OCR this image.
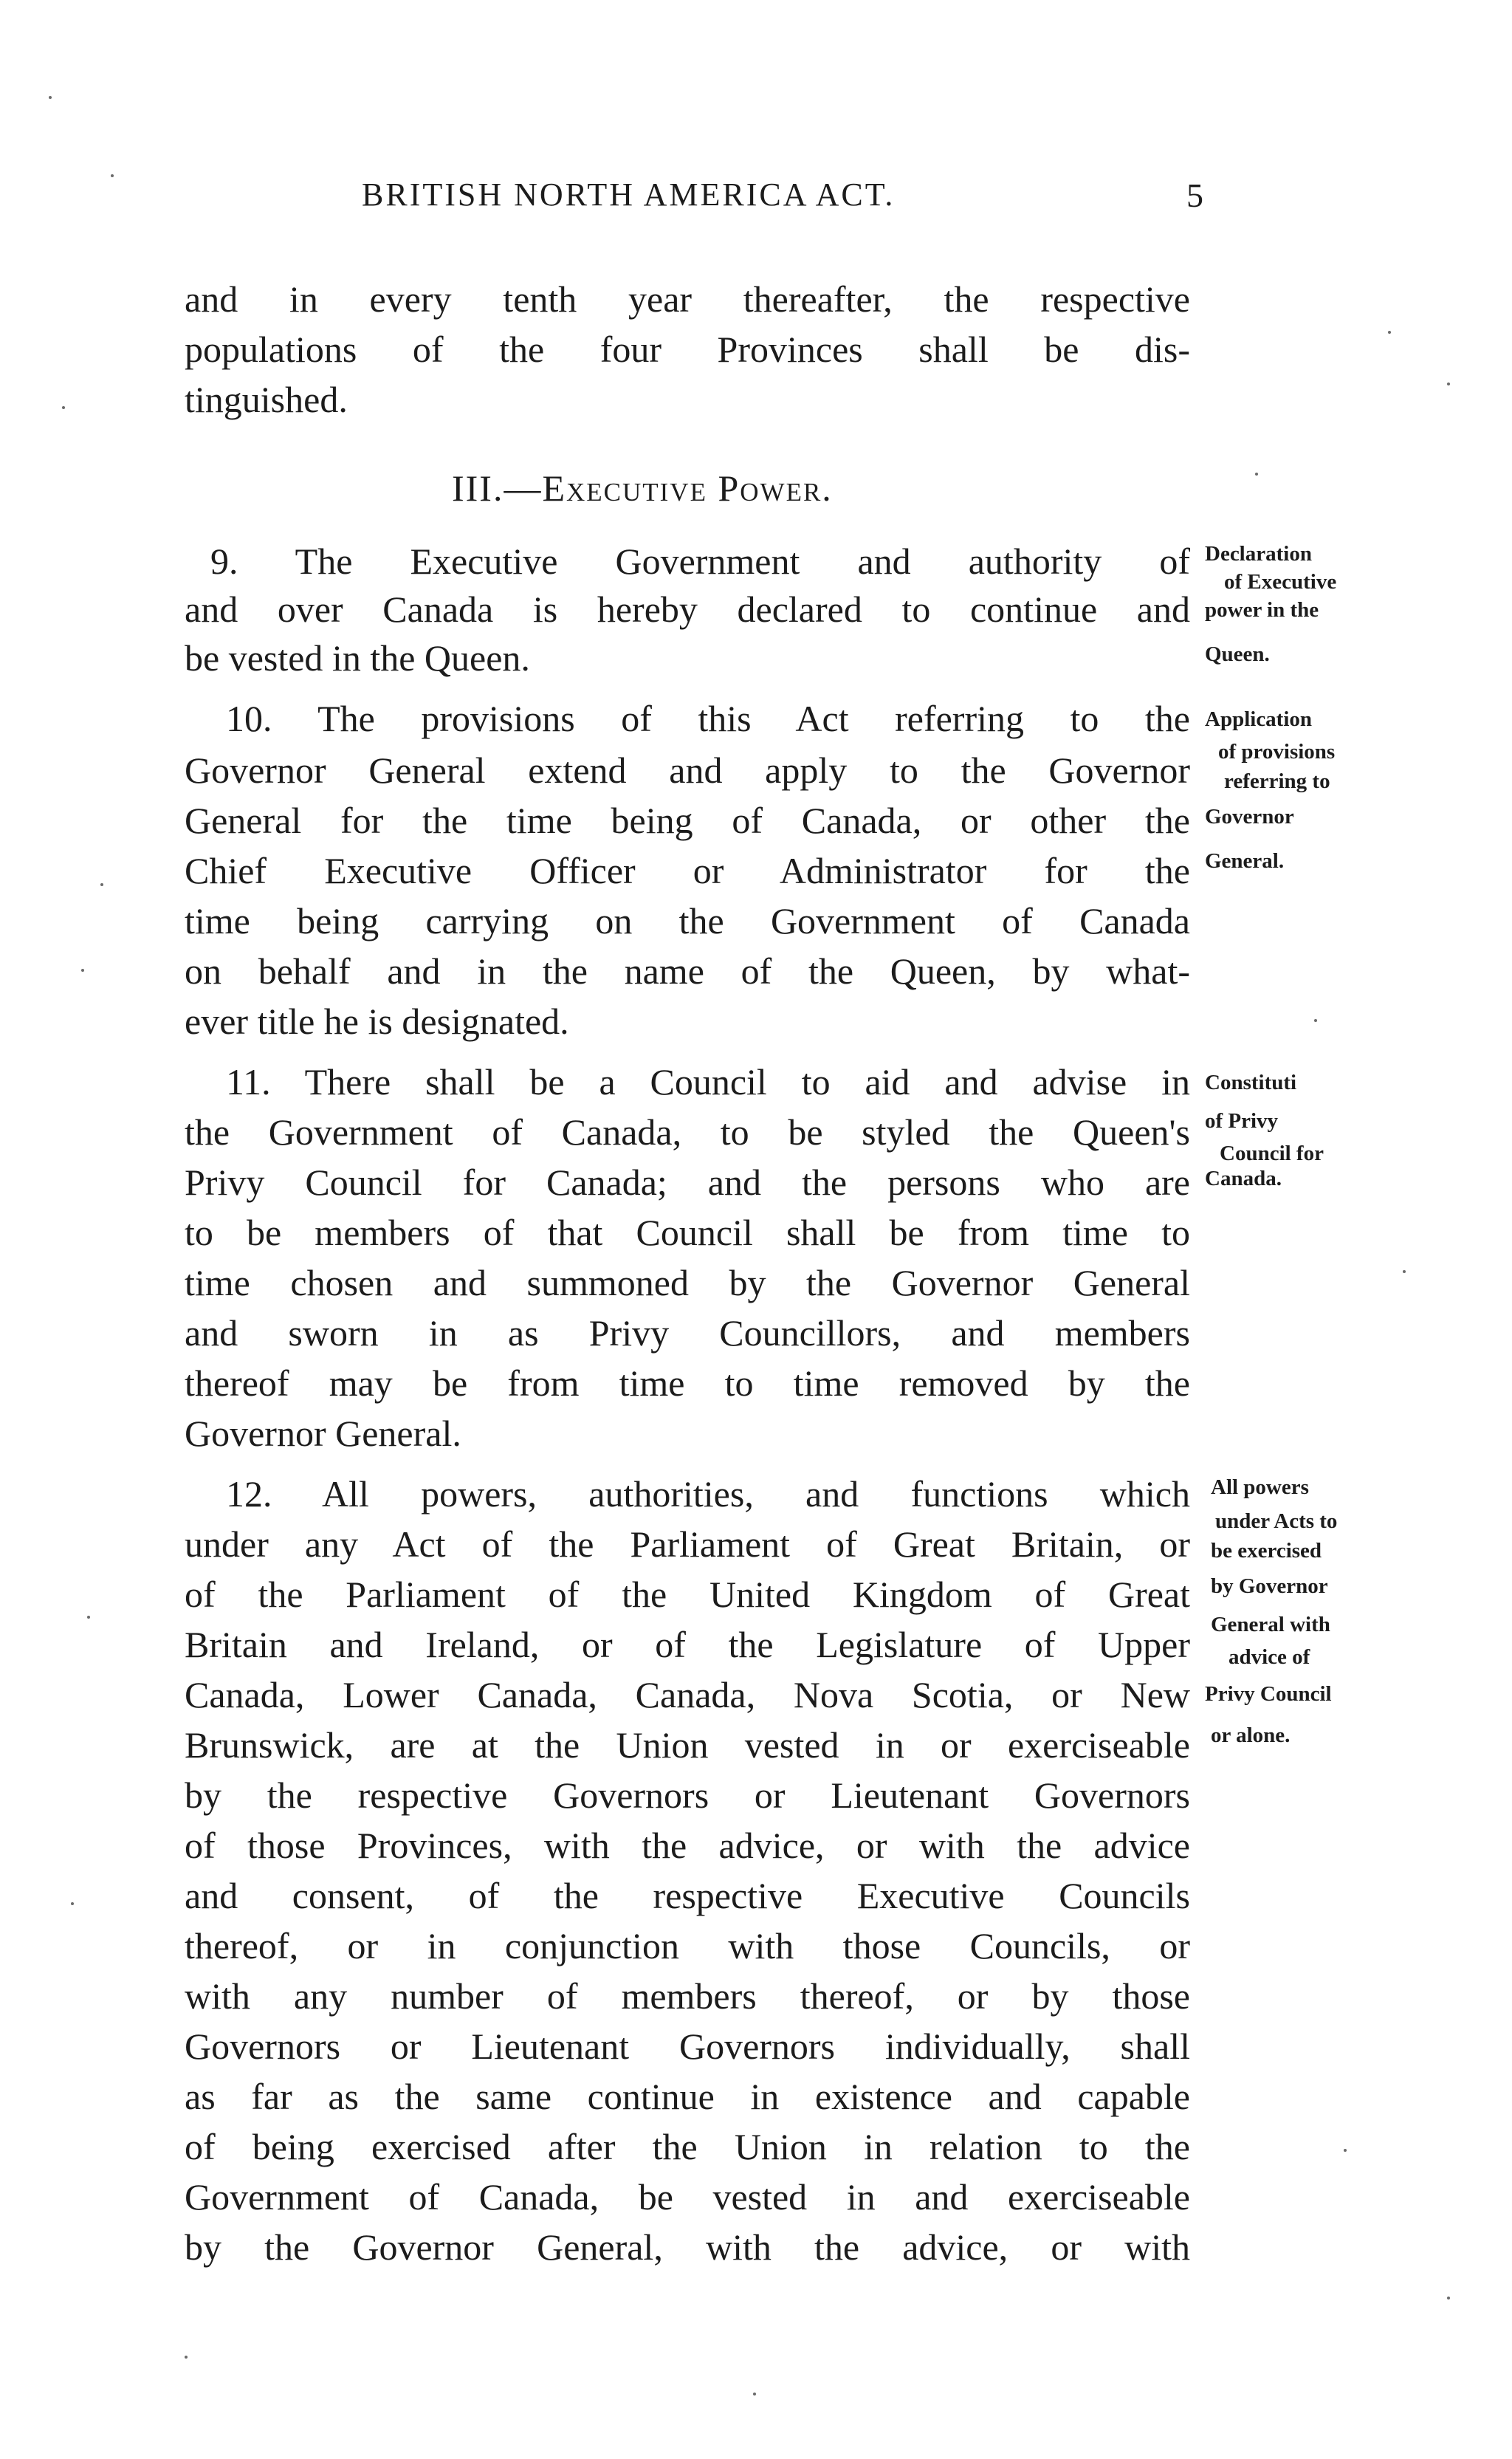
BRITISH NORTH AMERICA ACT.	5
and in every tenth year thereafter, the respective
populations of the four Provinces shall be dis-
tinguished.
III.—Executive Power.
9. The Executive Government and authority of
and over Canada is hereby declared to continue and
be vested in the Queen.
10. The provisions of this Act referring to the
Governor General extend and apply to the Governor
General for the time being of Canada, or other the
Chief Executive Officer or Administrator for the
time being carrying on the Government of Canada
on behalf and in the name of the Queen, by what-
ever title he is designated.
11. There shall be a Council to aid and advise in
the Government of Canada, to be styled the Queen's
Privy Council for Canada; and the persons who are
to be members of that Council shall be from time to
time chosen and summoned by the Governor General
and sworn in as Privy Councillors, and members
thereof may be from time to time removed by the
Governor General.
12. All powers, authorities, and functions which
under any Act of the Parliament of Great Britain, or
of the Parliament of the United Kingdom of Great
Britain and Ireland, or of the Legislature of Upper
Canada, Lower Canada, Canada, Nova Scotia, or New
Brunswick, are at the Union vested in or exerciseable
by the respective Governors or Lieutenant Governors
of those Provinces, with the advice, or with the advice
and consent, of the respective Executive Councils
thereof, or in conjunction with those Councils, or
with any number of members thereof, or by those
Governors or Lieutenant Governors individually, shall
as far as the same continue in existence and capable
of being exercised after the Union in relation to the
Government of Canada, be vested in and exerciseable
by the Governor General, with the advice, or with
Declaration
of Executive
power in the
Queen.
Application
of provisions
referring to
Governor
General.
Constituti
of Privy
Council for
Canada.
All powers
under Acts to
be exercised
by Governor
General with
advice of
Privy Council
or alone.
